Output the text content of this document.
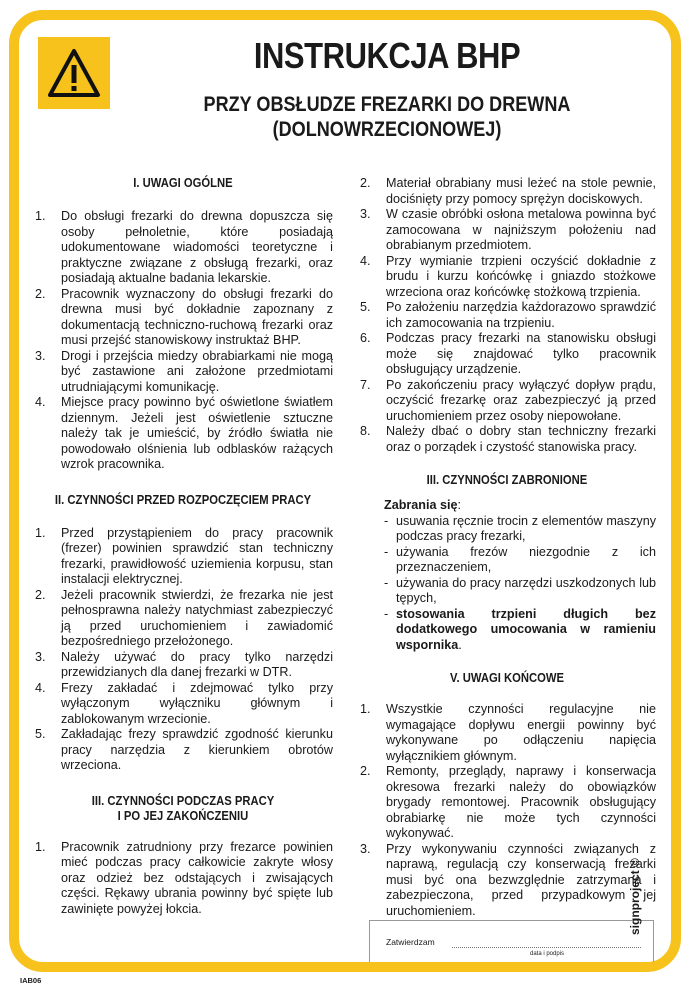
INSTRUKCJA BHP
PRZY OBSŁUDZE FREZARKI DO DREWNA
(DOLNOWRZECIONOWEJ)

I. UWAGI OGÓLNE

1. Do obsługi frezarki do drewna dopuszcza się osoby pełnoletnie, które posiadają udokumentowane wiadomości teoretyczne i praktyczne związane z obsługą frezarki, oraz posiadają aktualne badania lekarskie.
2. Pracownik wyznaczony do obsługi frezarki do drewna musi być dokładnie zapoznany z dokumentacją techniczno-ruchową frezarki oraz musi przejść stanowiskowy instruktaż BHP.
3. Drogi i przejścia miedzy obrabiarkami nie mogą być zastawione ani założone przedmiotami utrudniającymi komunikację.
4. Miejsce pracy powinno być oświetlone światłem dziennym. Jeżeli jest oświetlenie sztuczne należy tak je umieścić, by źródło światła nie powodowało olśnienia lub odblasków rażących wzrok pracownika.

II. CZYNNOŚCI PRZED ROZPOCZĘCIEM PRACY

1. Przed przystąpieniem do pracy pracownik (frezer) powinien sprawdzić stan techniczny frezarki, prawidłowość uziemienia korpusu, stan instalacji elektrycznej.
2. Jeżeli pracownik stwierdzi, że frezarka nie jest pełnosprawna należy natychmiast zabezpieczyć ją przed uruchomieniem i zawiadomić bezpośredniego przełożonego.
3. Należy używać do pracy tylko narzędzi przewidzianych dla danej frezarki w DTR.
4. Frezy zakładać i zdejmować tylko przy wyłączonym wyłączniku głównym i zablokowanym wrzecionie.
5. Zakładając frezy sprawdzić zgodność kierunku pracy narzędzia z kierunkiem obrotów wrzeciona.

III. CZYNNOŚCI PODCZAS PRACY

I PO JEJ ZAKOŃCZENIU

1. Pracownik zatrudniony przy frezarce powinien mieć podczas pracy całkowicie zakryte włosy oraz odzież bez odstających i zwisających części. Rękawy ubrania powinny być spięte lub zawinięte powyżej łokcia.
2. Materiał obrabiany musi leżeć na stole pewnie, dociśnięty przy pomocy sprężyn dociskowych.
3. W czasie obróbki osłona metalowa powinna być zamocowana w najniższym położeniu nad obrabianym przedmiotem.
4. Przy wymianie trzpieni oczyścić dokładnie z brudu i kurzu końcówkę i gniazdo stożkowe wrzeciona oraz końcówkę stożkową trzpienia.
5. Po założeniu narzędzia każdorazowo sprawdzić ich zamocowania na trzpieniu.
6. Podczas pracy frezarki na stanowisku obsługi może się znajdować tylko pracownik obsługujący urządzenie.
7. Po zakończeniu pracy wyłączyć dopływ prądu, oczyścić frezarkę oraz zabezpieczyć ją przed uruchomieniem przez osoby niepowołane.
8. Należy dbać o dobry stan techniczny frezarki oraz o porządek i czystość stanowiska pracy.

III. CZYNNOŚCI ZABRONIONE

Zabrania się:
- usuwania ręcznie trocin z elementów maszyny podczas pracy frezarki,
- używania frezów niezgodnie z ich przeznaczeniem,
- używania do pracy narzędzi uszkodzonych lub tępych,
- stosowania trzpieni długich bez dodatkowego umocowania w ramieniu wspornika.

V. UWAGI KOŃCOWE

1. Wszystkie czynności regulacyjne nie wymagające dopływu energii powinny być wykonywane po odłączeniu napięcia wyłącznikiem głównym.
2. Remonty, przeglądy, naprawy i konserwacja okresowa frezarki należy do obowiązków brygady remontowej. Pracownik obsługujący obrabiarkę nie może tych czynności wykonywać.
3. Przy wykonywaniu czynności związanych z naprawą, regulacją czy konserwacją frezarki musi być ona bezwzględnie zatrzymana i zabezpieczona, przed przypadkowym jej uruchomieniem.
Zatwierdzam
data i podpis
signproject ©
IAB06
